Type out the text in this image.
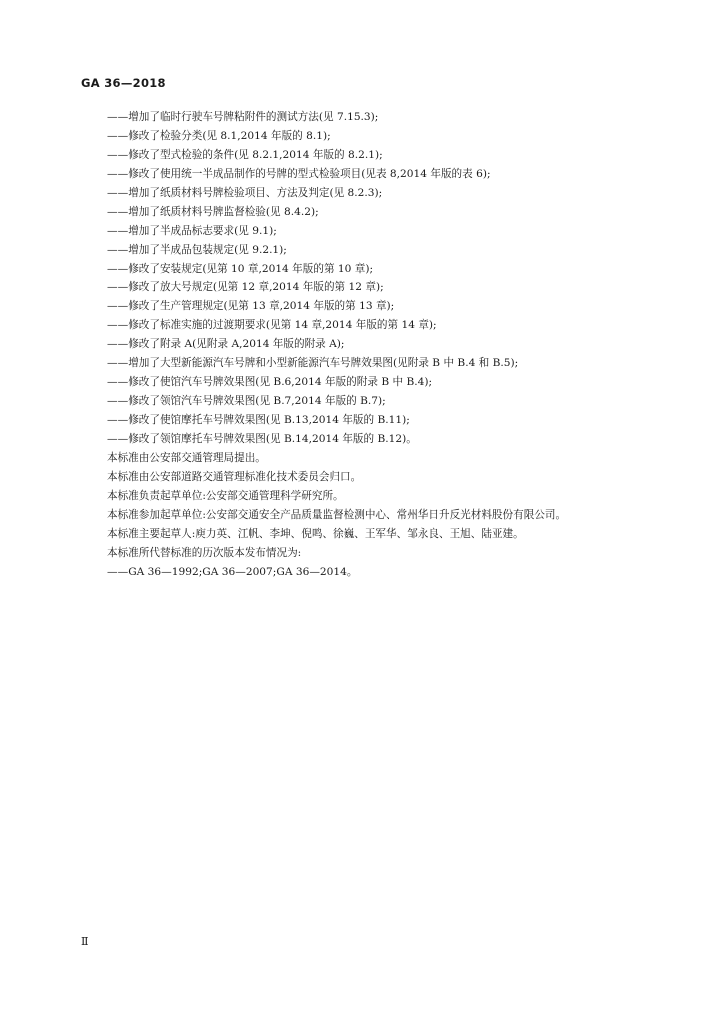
GA 36—2018
——增加了临时行驶车号牌粘附件的测试方法(见 7.15.3);
——修改了检验分类(见 8.1,2014 年版的 8.1);
——修改了型式检验的条件(见 8.2.1,2014 年版的 8.2.1);
——修改了使用统一半成品制作的号牌的型式检验项目(见表 8,2014 年版的表 6);
——增加了纸质材料号牌检验项目、方法及判定(见 8.2.3);
——增加了纸质材料号牌监督检验(见 8.4.2);
——增加了半成品标志要求(见 9.1);
——增加了半成品包装规定(见 9.2.1);
——修改了安装规定(见第 10 章,2014 年版的第 10 章);
——修改了放大号规定(见第 12 章,2014 年版的第 12 章);
——修改了生产管理规定(见第 13 章,2014 年版的第 13 章);
——修改了标准实施的过渡期要求(见第 14 章,2014 年版的第 14 章);
——修改了附录 A(见附录 A,2014 年版的附录 A);
——增加了大型新能源汽车号牌和小型新能源汽车号牌效果图(见附录 B 中 B.4 和 B.5);
——修改了使馆汽车号牌效果图(见 B.6,2014 年版的附录 B 中 B.4);
——修改了领馆汽车号牌效果图(见 B.7,2014 年版的 B.7);
——修改了使馆摩托车号牌效果图(见 B.13,2014 年版的 B.11);
——修改了领馆摩托车号牌效果图(见 B.14,2014 年版的 B.12)。
本标准由公安部交通管理局提出。
本标准由公安部道路交通管理标准化技术委员会归口。
本标准负责起草单位:公安部交通管理科学研究所。
本标准参加起草单位:公安部交通安全产品质量监督检测中心、常州华日升反光材料股份有限公司。
本标准主要起草人:庾力英、江帆、李坤、倪鸣、徐巍、王军华、邹永良、王旭、陆亚建。
本标准所代替标准的历次版本发布情况为:
——GA 36—1992;GA 36—2007;GA 36—2014。
Ⅱ
